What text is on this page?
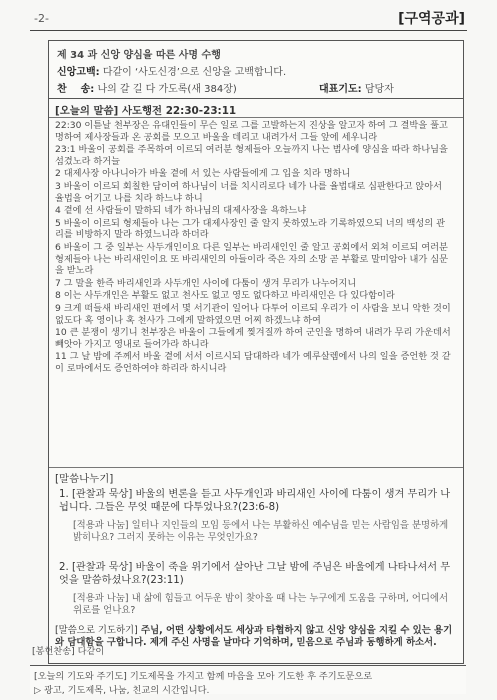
-2-	[구역공과]
제 34 과 신앙 양심을 따른 사명 수행
신앙고백: 다같이 ‘사도신경’으로 신앙을 고백합니다.
찬    송: 나의 갈 길 다 가도록(새 384장)	대표기도: 담당자
[오늘의 말씀] 사도행전 22:30-23:11

22:30 이튿날 천부장은 유대인들이 무슨 일로 그를 고발하는지 진상을 알고자 하여 그 결박을 풀고 명하여 제사장들과 온 공회를 모으고 바울을 데리고 내려가서 그들 앞에 세우니라

23:1 바울이 공회를 주목하여 이르되 여러분 형제들아 오늘까지 나는 범사에 양심을 따라 하나님을 섬겼노라 하거늘

2 대제사장 아나니아가 바울 곁에 서 있는 사람들에게 그 입을 치라 명하니

3 바울이 이르되 회칠한 담이여 하나님이 너를 치시리로다 네가 나를 율법대로 심판한다고 앉아서 율법을 어기고 나를 치라 하느냐 하니

4 곁에 선 사람들이 말하되 네가 하나님의 대제사장을 욕하느냐

5 바울이 이르되 형제들아 나는 그가 대제사장인 줄 알지 못하였노라 기록하였으되 너의 백성의 관리를 비방하지 말라 하였느니라 하더라

6 바울이 그 중 일부는 사두개인이요 다른 일부는 바리새인인 줄 알고 공회에서 외쳐 이르되 여러분 형제들아 나는 바리새인이요 또 바리새인의 아들이라 죽은 자의 소망 곧 부활로 말미암아 내가 심문을 받노라

7 그 말을 한즉 바리새인과 사두개인 사이에 다툼이 생겨 무리가 나누어지니

8 이는 사두개인은 부활도 없고 천사도 없고 영도 없다하고 바리새인은 다 있다함이라

9 크게 떠들새 바리새인 편에서 몇 서기관이 일어나 다투어 이르되 우리가 이 사람을 보니 악한 것이 없도다 혹 영이나 혹 천사가 그에게 말하였으면 어찌 하겠느냐 하여

10 큰 분쟁이 생기니 천부장은 바울이 그들에게 찢겨질까 하여 군인을 명하여 내려가 무리 가운데서 빼앗아 가지고 영내로 들어가라 하니라

11 그 날 밤에 주께서 바울 곁에 서서 이르시되 담대하라 네가 예루살렘에서 나의 일을 증언한 것 같이 로마에서도 증언하여야 하리라 하시니라

[말씀나누기]
1. [관찰과 묵상] 바울의 변론을 듣고 사두개인과 바리새인 사이에 다툼이 생겨 무리가 나뉩니다. 그들은 무엇 때문에 다투었나요?(23:6-8)
[적용과 나눔] 일터나 지인들의 모임 등에서 나는 부활하신 예수님을 믿는 사람임을 분명하게 밝히나요? 그러지 못하는 이유는 무엇인가요?
2. [관찰과 묵상] 바울이 죽을 위기에서 살아난 그날 밤에 주님은 바울에게 나타나셔서 무엇을 말씀하셨나요?(23:11)
[적용과 나눔] 내 삶에 힘들고 어두운 밤이 찾아올 때 나는 누구에게 도움을 구하며, 어디에서 위로를 얻나요?
[말씀으로 기도하기] 주님, 어떤 상황에서도 세상과 타협하지 않고 신앙 양심을 지킬 수 있는 용기와 담대함을 구합니다. 제게 주신 사명을 날마다 기억하며, 믿음으로 주님과 동행하게 하소서.
[봉헌찬송] 다같이
[오늘의 기도와 주기도] 기도제목을 가지고 함께 마음을 모아 기도한 후 주기도문으로
▷ 광고, 기도제목, 나눔, 친교의 시간입니다.
